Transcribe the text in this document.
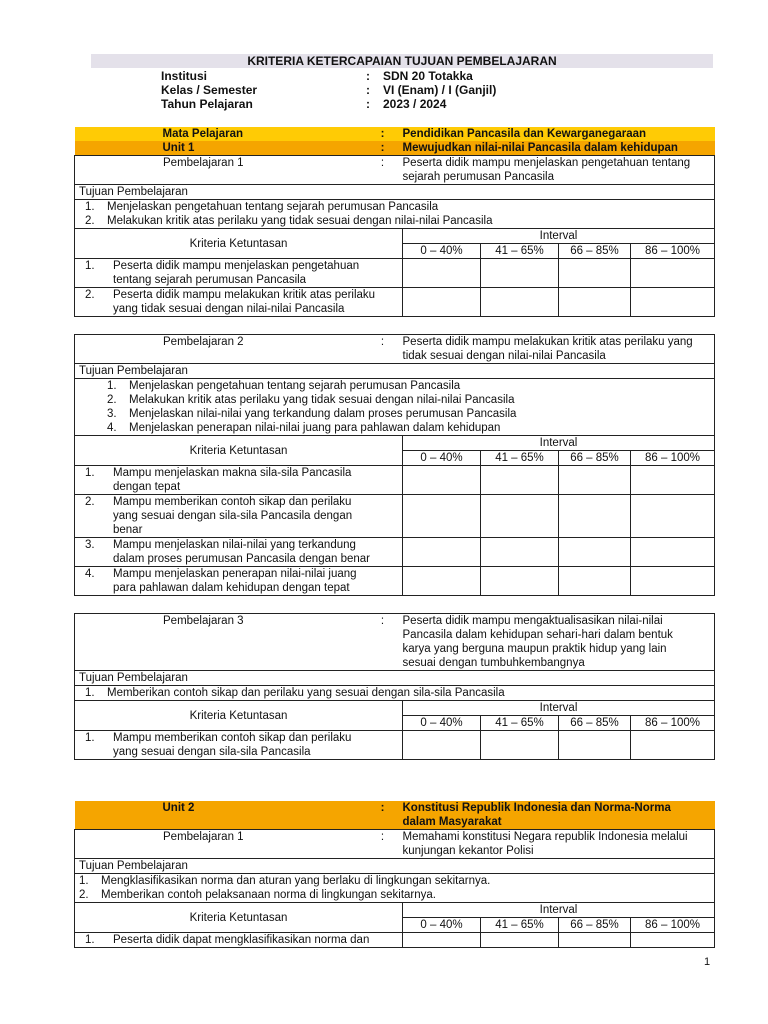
KRITERIA KETERCAPAIAN TUJUAN PEMBELAJARAN
Institusi	: SDN 20 Totakka
Kelas / Semester	: VI (Enam) / I (Ganjil)
Tahun Pelajaran	: 2023 / 2024
Mata Pelajaran	:	Pendidikan Pancasila dan Kewarganegaraan			
Unit 1	:	Mewujudkan nilai-nilai Pancasila dalam kehidupan			
Pembelajaran 1	:	Peserta didik mampu menjelaskan pengetahuan tentang
sejarah perumusan Pancasila			

Tujuan Pembelajaran					

1. Menjelaskan pengetahuan tentang sejarah perumusan Pancasila
2. Melakukan kritik atas perilaku yang tidak sesuai dengan nilai-nilai Pancasila					

Kriteria Ketuntasan		Interval			
		0 – 40%	41 – 65%	66 – 85%	86 – 100%

1. Peserta didik mampu menjelaskan pengetahuan
tentang sejarah perumusan Pancasila					

2. Peserta didik mampu melakukan kritik atas perilaku
yang tidak sesuai dengan nilai-nilai Pancasila					

Pembelajaran 2	:	Peserta didik mampu melakukan kritik atas perilaku yang
tidak sesuai dengan nilai-nilai Pancasila			

Tujuan Pembelajaran					

1. Menjelaskan pengetahuan tentang sejarah perumusan Pancasila
2. Melakukan kritik atas perilaku yang tidak sesuai dengan nilai-nilai Pancasila
3. Menjelaskan nilai-nilai yang terkandung dalam proses perumusan Pancasila
4. Menjelaskan penerapan nilai-nilai juang para pahlawan dalam kehidupan					

Kriteria Ketuntasan		Interval			
		0 – 40%	41 – 65%	66 – 85%	86 – 100%

1. Mampu menjelaskan makna sila-sila Pancasila
dengan tepat					

2. Mampu memberikan contoh sikap dan perilaku
yang sesuai dengan sila-sila Pancasila dengan
benar					

3. Mampu menjelaskan nilai-nilai yang terkandung
dalam proses perumusan Pancasila dengan benar					

4. Mampu menjelaskan penerapan nilai-nilai juang
para pahlawan dalam kehidupan dengan tepat					

Pembelajaran 3	:	Peserta didik mampu mengaktualisasikan nilai-nilai
Pancasila dalam kehidupan sehari-hari dalam bentuk
karya yang berguna maupun praktik hidup yang lain
sesuai dengan tumbuhkembangnya			

Tujuan Pembelajaran					

1. Memberikan contoh sikap dan perilaku yang sesuai dengan sila-sila Pancasila					

Kriteria Ketuntasan		Interval			
		0 – 40%	41 – 65%	66 – 85%	86 – 100%

1. Mampu memberikan contoh sikap dan perilaku
yang sesuai dengan sila-sila Pancasila					

Unit 2	:	Konstitusi Republik Indonesia dan Norma-Norma
dalam Masyarakat			

Pembelajaran 1	:	Memahami konstitusi Negara republik Indonesia melalui
kunjungan kekantor Polisi			

Tujuan Pembelajaran					

1. Mengklasifikasikan norma dan aturan yang berlaku di lingkungan sekitarnya.
2. Memberikan contoh pelaksanaan norma di lingkungan sekitarnya.					

Kriteria Ketuntasan		Interval			
		0 – 40%	41 – 65%	66 – 85%	86 – 100%

1. Peserta didik dapat mengklasifikasikan norma dan					

1
